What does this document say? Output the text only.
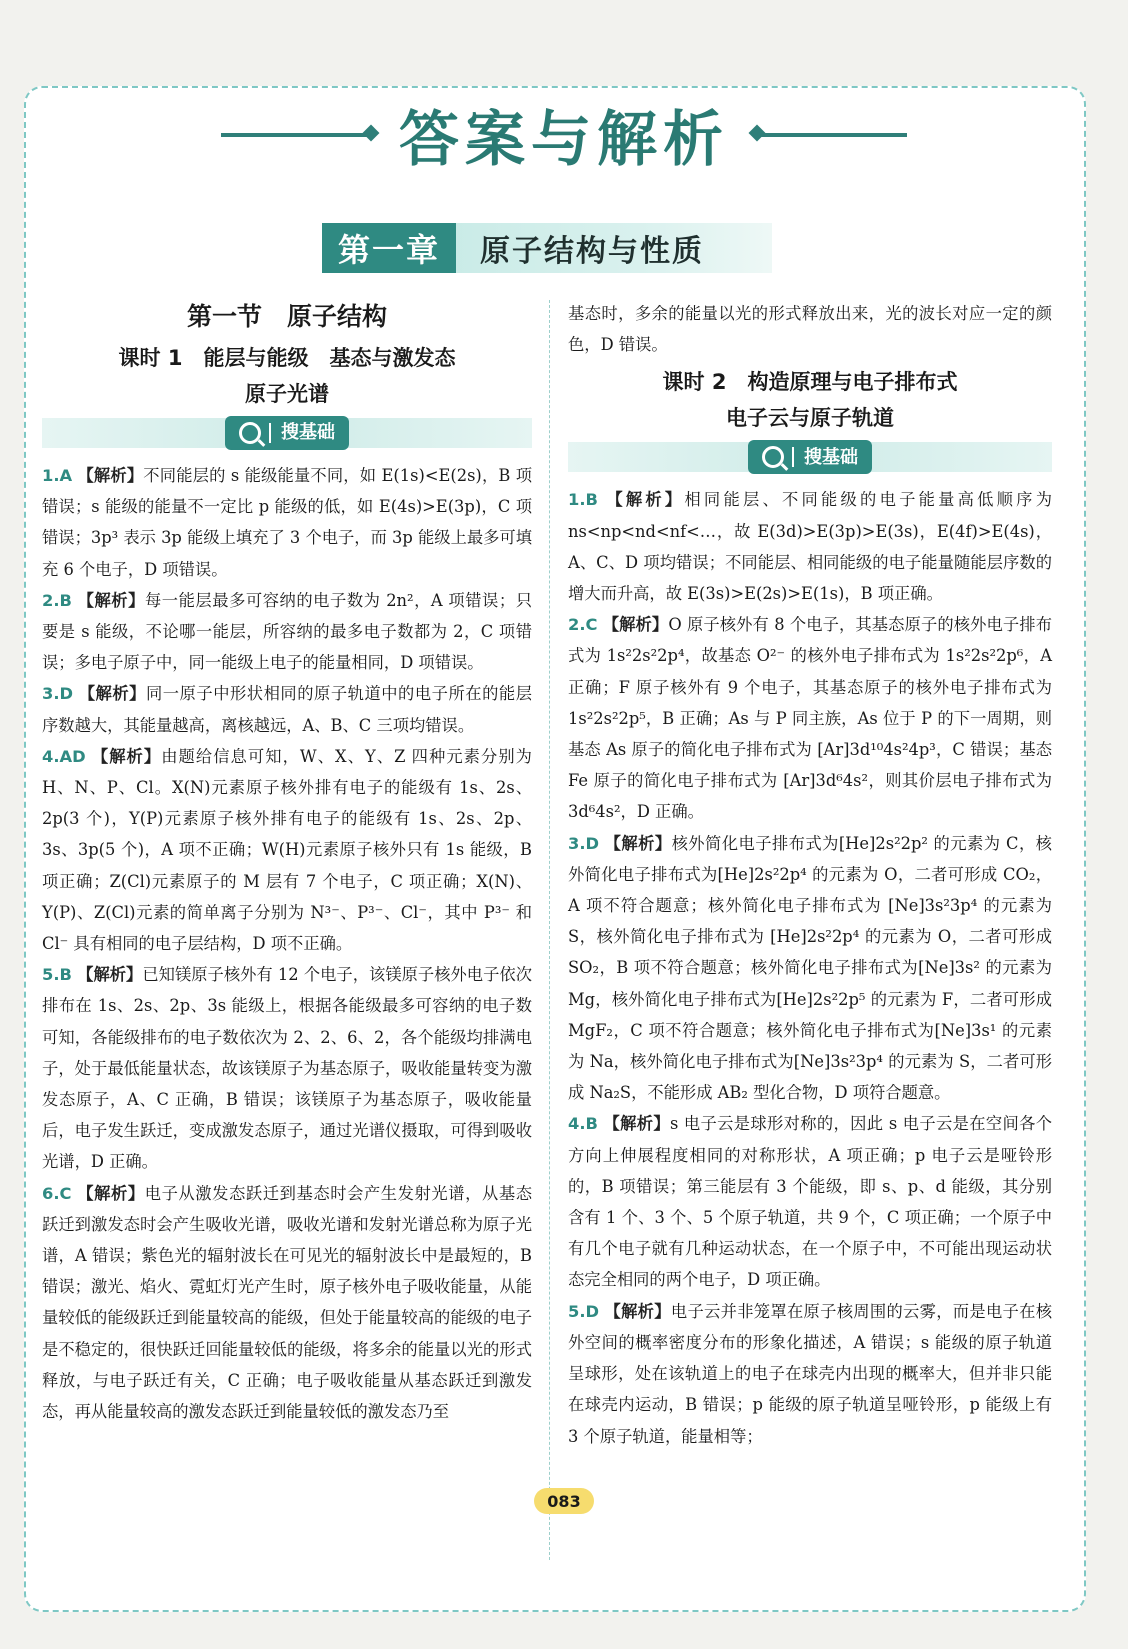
答案与解析
第一章	原子结构与性质
第一节　原子结构
课时 1　能层与能级　基态与激发态
原子光谱
搜基础

1.A 【解析】不同能层的 s 能级能量不同，如 E(1s)<E(2s)，B 项错误；s 能级的能量不一定比 p 能级的低，如 E(4s)>E(3p)，C 项错误；3p³ 表示 3p 能级上填充了 3 个电子，而 3p 能级上最多可填充 6 个电子，D 项错误。

2.B 【解析】每一能层最多可容纳的电子数为 2n²，A 项错误；只要是 s 能级，不论哪一能层，所容纳的最多电子数都为 2，C 项错误；多电子原子中，同一能级上电子的能量相同，D 项错误。

3.D 【解析】同一原子中形状相同的原子轨道中的电子所在的能层序数越大，其能量越高，离核越远，A、B、C 三项均错误。

4.AD 【解析】由题给信息可知，W、X、Y、Z 四种元素分别为 H、N、P、Cl。X(N)元素原子核外排有电子的能级有 1s、2s、2p(3 个)，Y(P)元素原子核外排有电子的能级有 1s、2s、2p、3s、3p(5 个)，A 项不正确；W(H)元素原子核外只有 1s 能级，B 项正确；Z(Cl)元素原子的 M 层有 7 个电子，C 项正确；X(N)、Y(P)、Z(Cl)元素的简单离子分别为 N³⁻、P³⁻、Cl⁻，其中 P³⁻ 和 Cl⁻ 具有相同的电子层结构，D 项不正确。

5.B 【解析】已知镁原子核外有 12 个电子，该镁原子核外电子依次排布在 1s、2s、2p、3s 能级上，根据各能级最多可容纳的电子数可知，各能级排布的电子数依次为 2、2、6、2，各个能级均排满电子，处于最低能量状态，故该镁原子为基态原子，吸收能量转变为激发态原子，A、C 正确，B 错误；该镁原子为基态原子，吸收能量后，电子发生跃迁，变成激发态原子，通过光谱仪摄取，可得到吸收光谱，D 正确。

6.C 【解析】电子从激发态跃迁到基态时会产生发射光谱，从基态跃迁到激发态时会产生吸收光谱，吸收光谱和发射光谱总称为原子光谱，A 错误；紫色光的辐射波长在可见光的辐射波长中是最短的，B 错误；激光、焰火、霓虹灯光产生时，原子核外电子吸收能量，从能量较低的能级跃迁到能量较高的能级，但处于能量较高的能级的电子是不稳定的，很快跃迁回能量较低的能级，将多余的能量以光的形式释放，与电子跃迁有关，C 正确；电子吸收能量从基态跃迁到激发态，再从能量较高的激发态跃迁到能量较低的激发态乃至

基态时，多余的能量以光的形式释放出来，光的波长对应一定的颜色，D 错误。

课时 2　构造原理与电子排布式
电子云与原子轨道
搜基础

1.B 【解析】相同能层、不同能级的电子能量高低顺序为 ns<np<nd<nf<…，故 E(3d)>E(3p)>E(3s)，E(4f)>E(4s)，A、C、D 项均错误；不同能层、相同能级的电子能量随能层序数的增大而升高，故 E(3s)>E(2s)>E(1s)，B 项正确。

2.C 【解析】O 原子核外有 8 个电子，其基态原子的核外电子排布式为 1s²2s²2p⁴，故基态 O²⁻ 的核外电子排布式为 1s²2s²2p⁶，A 正确；F 原子核外有 9 个电子，其基态原子的核外电子排布式为 1s²2s²2p⁵，B 正确；As 与 P 同主族，As 位于 P 的下一周期，则基态 As 原子的简化电子排布式为 [Ar]3d¹⁰4s²4p³，C 错误；基态 Fe 原子的简化电子排布式为 [Ar]3d⁶4s²，则其价层电子排布式为 3d⁶4s²，D 正确。

3.D 【解析】核外简化电子排布式为[He]2s²2p² 的元素为 C，核外简化电子排布式为[He]2s²2p⁴ 的元素为 O，二者可形成 CO₂，A 项不符合题意；核外简化电子排布式为 [Ne]3s²3p⁴ 的元素为 S，核外简化电子排布式为 [He]2s²2p⁴ 的元素为 O，二者可形成 SO₂，B 项不符合题意；核外简化电子排布式为[Ne]3s² 的元素为 Mg，核外简化电子排布式为[He]2s²2p⁵ 的元素为 F，二者可形成 MgF₂，C 项不符合题意；核外简化电子排布式为[Ne]3s¹ 的元素为 Na，核外简化电子排布式为[Ne]3s²3p⁴ 的元素为 S，二者可形成 Na₂S，不能形成 AB₂ 型化合物，D 项符合题意。

4.B 【解析】s 电子云是球形对称的，因此 s 电子云是在空间各个方向上伸展程度相同的对称形状，A 项正确；p 电子云是哑铃形的，B 项错误；第三能层有 3 个能级，即 s、p、d 能级，其分别含有 1 个、3 个、5 个原子轨道，共 9 个，C 项正确；一个原子中有几个电子就有几种运动状态，在一个原子中，不可能出现运动状态完全相同的两个电子，D 项正确。

5.D 【解析】电子云并非笼罩在原子核周围的云雾，而是电子在核外空间的概率密度分布的形象化描述，A 错误；s 能级的原子轨道呈球形，处在该轨道上的电子在球壳内出现的概率大，但并非只能在球壳内运动，B 错误；p 能级的原子轨道呈哑铃形，p 能级上有 3 个原子轨道，能量相等；

083
